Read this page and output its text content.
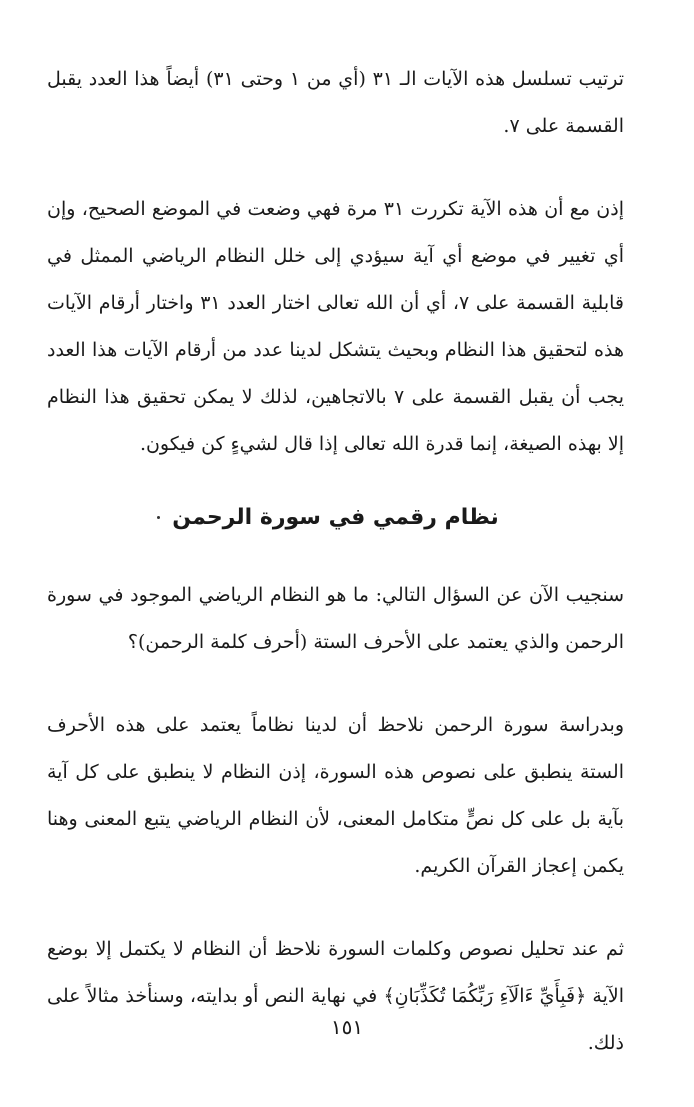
ترتيب تسلسل هذه الآيات الـ ٣١ (أي من ١ وحتى ٣١) أيضاً هذا العدد يقبل القسمة على ٧.

إذن مع أن هذه الآية تكررت ٣١ مرة فهي وضعت في الموضع الصحيح، وإن أي تغيير في موضع أي آية سيؤدي إلى خلل النظام الرياضي الممثل في قابلية القسمة على ٧، أي أن الله تعالى اختار العدد ٣١ واختار أرقام الآيات هذه لتحقيق هذا النظام وبحيث يتشكل لدينا عدد من أرقام الآيات هذا العدد يجب أن يقبل القسمة على ٧ بالاتجاهين، لذلك لا يمكن تحقيق هذا النظام إلا بهذه الصيغة، إنما قدرة الله تعالى إذا قال لشيءٍ كن فيكون.

نظام رقمي في سورة الرحمن

سنجيب الآن عن السؤال التالي: ما هو النظام الرياضي الموجود في سورة الرحمن والذي يعتمد على الأحرف الستة (أحرف كلمة الرحمن)؟

وبدراسة سورة الرحمن نلاحظ أن لدينا نظاماً يعتمد على هذه الأحرف الستة ينطبق على نصوص هذه السورة، إذن النظام لا ينطبق على كل آية بآية بل على كل نصٍّ متكامل المعنى، لأن النظام الرياضي يتبع المعنى وهنا يكمن إعجاز القرآن الكريم.

ثم عند تحليل نصوص وكلمات السورة نلاحظ أن النظام لا يكتمل إلا بوضع الآية ﴿فَبِأَيِّ ءَالَآءِ رَبِّكُمَا تُكَذِّبَانِ﴾ في نهاية النص أو بدايته، وسنأخذ مثالاً على ذلك.

١٥١
